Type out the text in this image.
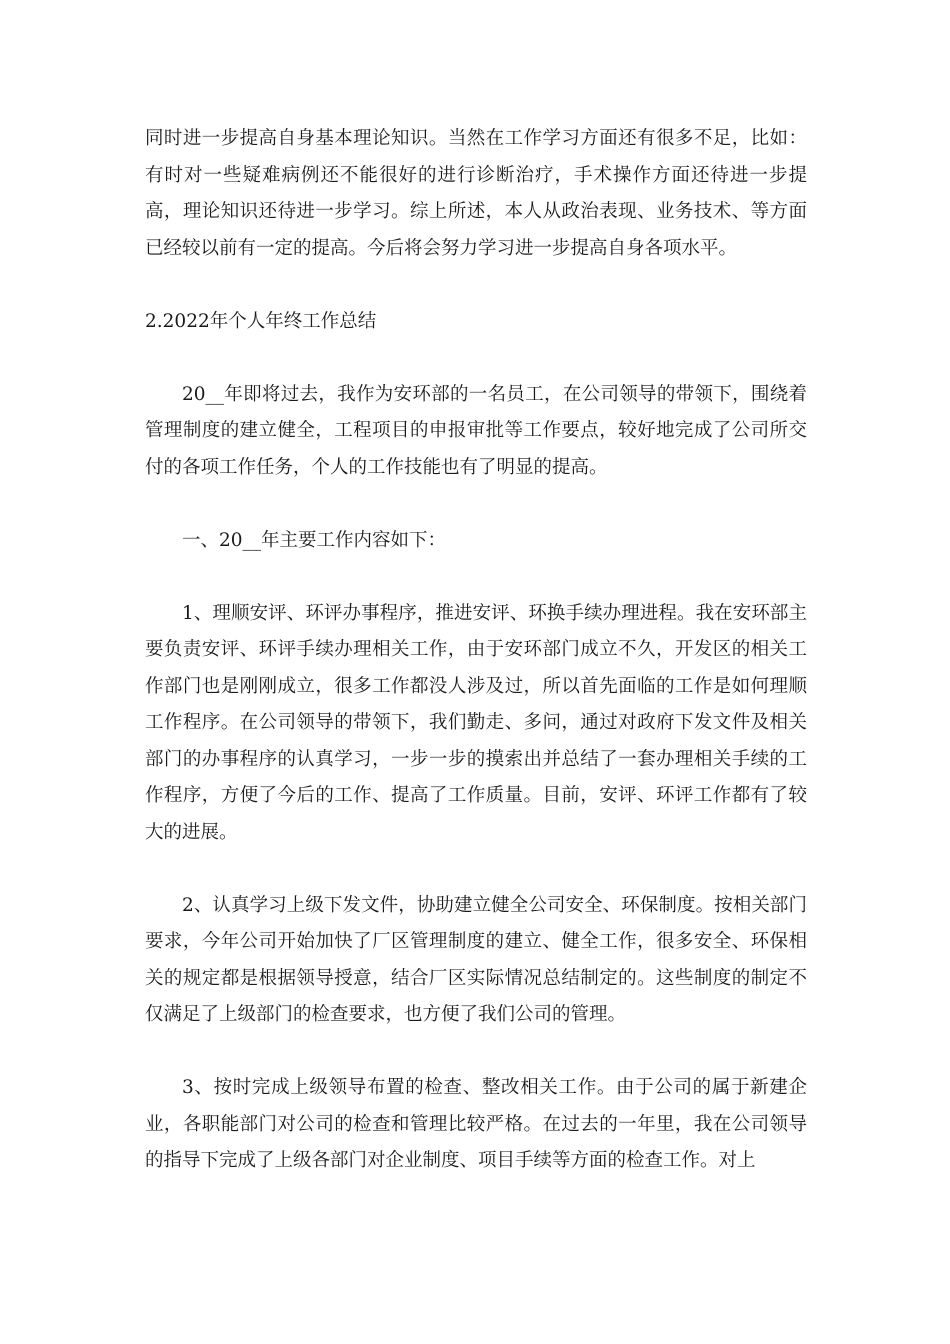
同时进一步提高自身基本理论知识。当然在工作学习方面还有很多不足，比如：有时对一些疑难病例还不能很好的进行诊断治疗，手术操作方面还待进一步提高，理论知识还待进一步学习。综上所述，本人从政治表现、业务技术、等方面已经较以前有一定的提高。今后将会努力学习进一步提高自身各项水平。

2.2022年个人年终工作总结

20__年即将过去，我作为安环部的一名员工，在公司领导的带领下，围绕着管理制度的建立健全，工程项目的申报审批等工作要点，较好地完成了公司所交付的各项工作任务，个人的工作技能也有了明显的提高。

一、20__年主要工作内容如下：

1、理顺安评、环评办事程序，推进安评、环换手续办理进程。我在安环部主要负责安评、环评手续办理相关工作，由于安环部门成立不久，开发区的相关工作部门也是刚刚成立，很多工作都没人涉及过，所以首先面临的工作是如何理顺工作程序。在公司领导的带领下，我们勤走、多问，通过对政府下发文件及相关部门的办事程序的认真学习，一步一步的摸索出并总结了一套办理相关手续的工作程序，方便了今后的工作、提高了工作质量。目前，安评、环评工作都有了较大的进展。

2、认真学习上级下发文件，协助建立健全公司安全、环保制度。按相关部门要求，今年公司开始加快了厂区管理制度的建立、健全工作，很多安全、环保相关的规定都是根据领导授意，结合厂区实际情况总结制定的。这些制度的制定不仅满足了上级部门的检查要求，也方便了我们公司的管理。

3、按时完成上级领导布置的检查、整改相关工作。由于公司的属于新建企业，各职能部门对公司的检查和管理比较严格。在过去的一年里，我在公司领导的指导下完成了上级各部门对企业制度、项目手续等方面的检查工作。对上
